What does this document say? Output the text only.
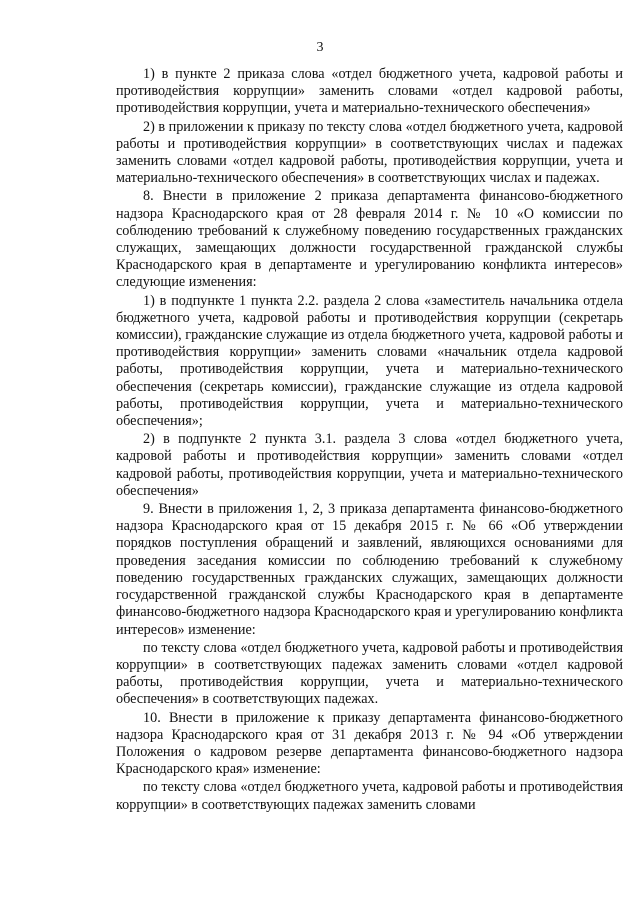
3

1) в пункте 2 приказа слова «отдел бюджетного учета, кадровой работы и противодействия коррупции» заменить словами «отдел кадровой работы, противодействия коррупции, учета и материально-технического обеспечения»

2) в приложении к приказу по тексту слова «отдел бюджетного учета, кадровой работы и противодействия коррупции» в соответствующих числах и падежах заменить словами «отдел кадровой работы, противодействия коррупции, учета и материально-технического обеспечения» в соответствующих числах и падежах.

8. Внести в приложение 2 приказа департамента финансово-бюджетного надзора Краснодарского края от 28 февраля 2014 г. № 10 «О комиссии по соблюдению требований к служебному поведению государственных гражданских служащих, замещающих должности государственной гражданской службы Краснодарского края в департаменте и урегулированию конфликта интересов» следующие изменения:

1) в подпункте 1 пункта 2.2. раздела 2 слова «заместитель начальника отдела бюджетного учета, кадровой работы и противодействия коррупции (секретарь комиссии), гражданские служащие из отдела бюджетного учета, кадровой работы и противодействия коррупции» заменить словами «начальник отдела кадровой работы, противодействия коррупции, учета и материально-технического обеспечения (секретарь комиссии), гражданские служащие из отдела кадровой работы, противодействия коррупции, учета и материально-технического обеспечения»;

2) в подпункте 2 пункта 3.1. раздела 3 слова «отдел бюджетного учета, кадровой работы и противодействия коррупции» заменить словами «отдел кадровой работы, противодействия коррупции, учета и материально-технического обеспечения»

9. Внести в приложения 1, 2, 3 приказа департамента финансово-бюджетного надзора Краснодарского края от 15 декабря 2015 г. № 66 «Об утверждении порядков поступления обращений и заявлений, являющихся основаниями для проведения заседания комиссии по соблюдению требований к служебному поведению государственных гражданских служащих, замещающих должности государственной гражданской службы Краснодарского края в департаменте финансово-бюджетного надзора Краснодарского края и урегулированию конфликта интересов» изменение:

по тексту слова «отдел бюджетного учета, кадровой работы и противодействия коррупции» в соответствующих падежах заменить словами «отдел кадровой работы, противодействия коррупции, учета и материально-технического обеспечения» в соответствующих падежах.

10. Внести в приложение к приказу департамента финансово-бюджетного надзора Краснодарского края от 31 декабря 2013 г. № 94 «Об утверждении Положения о кадровом резерве департамента финансово-бюджетного надзора Краснодарского края» изменение:

по тексту слова «отдел бюджетного учета, кадровой работы и противодействия коррупции» в соответствующих падежах заменить словами
